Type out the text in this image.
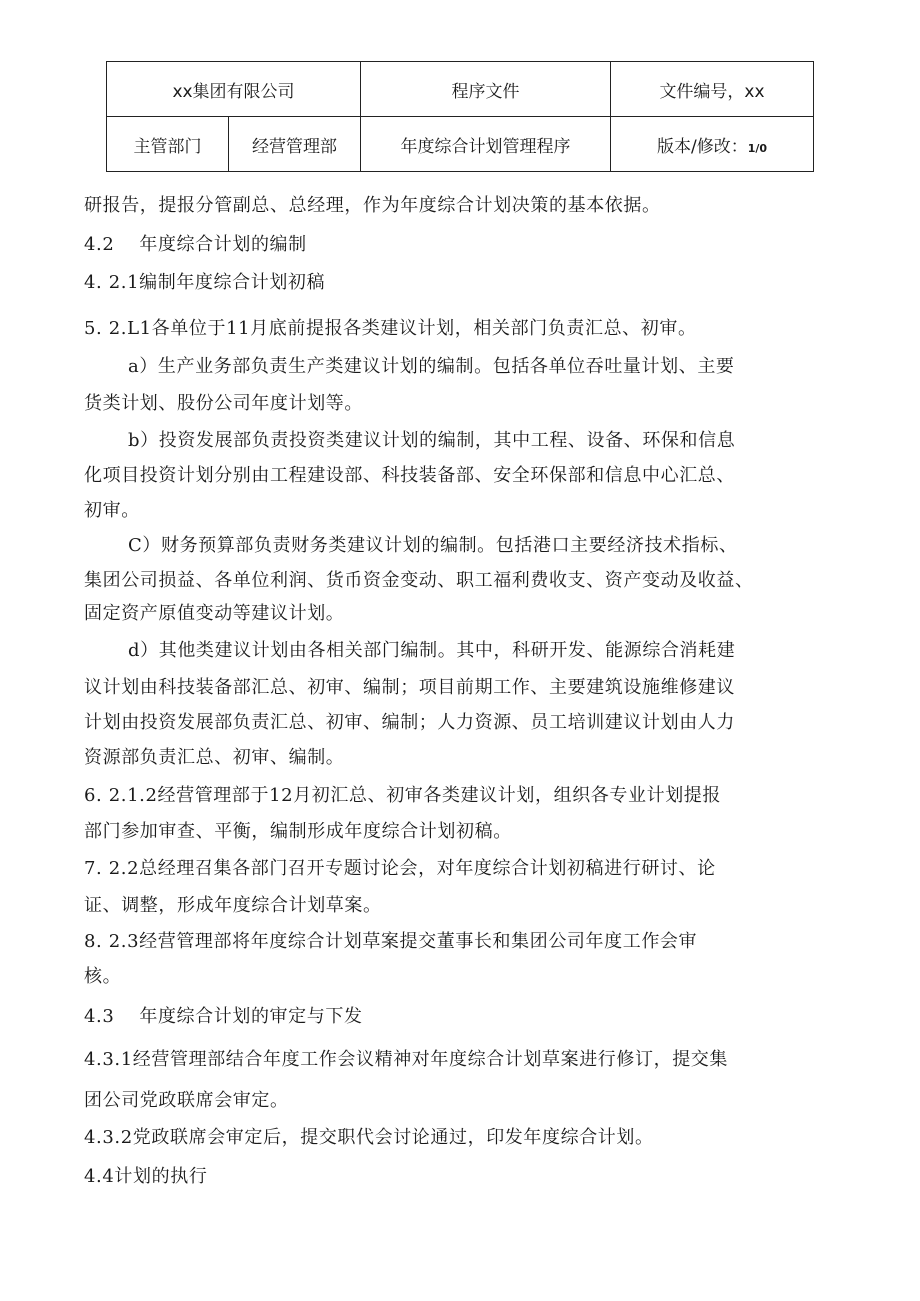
xx集团有限公司		程序文件	文件编号，xx
主管部门	经营管理部	年度综合计划管理程序	版本/修改：1/0
研报告，提报分管副总、总经理，作为年度综合计划决策的基本依据。
4.2　 年度综合计划的编制
4. 2.1编制年度综合计划初稿
5. 2.L1各单位于11月底前提报各类建议计划，相关部门负责汇总、初审。
a）生产业务部负责生产类建议计划的编制。包括各单位吞吐量计划、主要
货类计划、股份公司年度计划等。
b）投资发展部负责投资类建议计划的编制，其中工程、设备、环保和信息
化项目投资计划分别由工程建设部、科技装备部、安全环保部和信息中心汇总、
初审。
C）财务预算部负责财务类建议计划的编制。包括港口主要经济技术指标、
集团公司损益、各单位利润、货币资金变动、职工福利费收支、资产变动及收益、
固定资产原值变动等建议计划。
d）其他类建议计划由各相关部门编制。其中，科研开发、能源综合消耗建
议计划由科技装备部汇总、初审、编制；项目前期工作、主要建筑设施维修建议
计划由投资发展部负责汇总、初审、编制；人力资源、员工培训建议计划由人力
资源部负责汇总、初审、编制。
6. 2.1.2经营管理部于12月初汇总、初审各类建议计划，组织各专业计划提报
部门参加审查、平衡，编制形成年度综合计划初稿。
7. 2.2总经理召集各部门召开专题讨论会，对年度综合计划初稿进行研讨、论
证、调整，形成年度综合计划草案。
8. 2.3经营管理部将年度综合计划草案提交董事长和集团公司年度工作会审
核。
4.3　 年度综合计划的审定与下发
4.3.1经营管理部结合年度工作会议精神对年度综合计划草案进行修订，提交集
团公司党政联席会审定。
4.3.2党政联席会审定后，提交职代会讨论通过，印发年度综合计划。
4.4计划的执行
